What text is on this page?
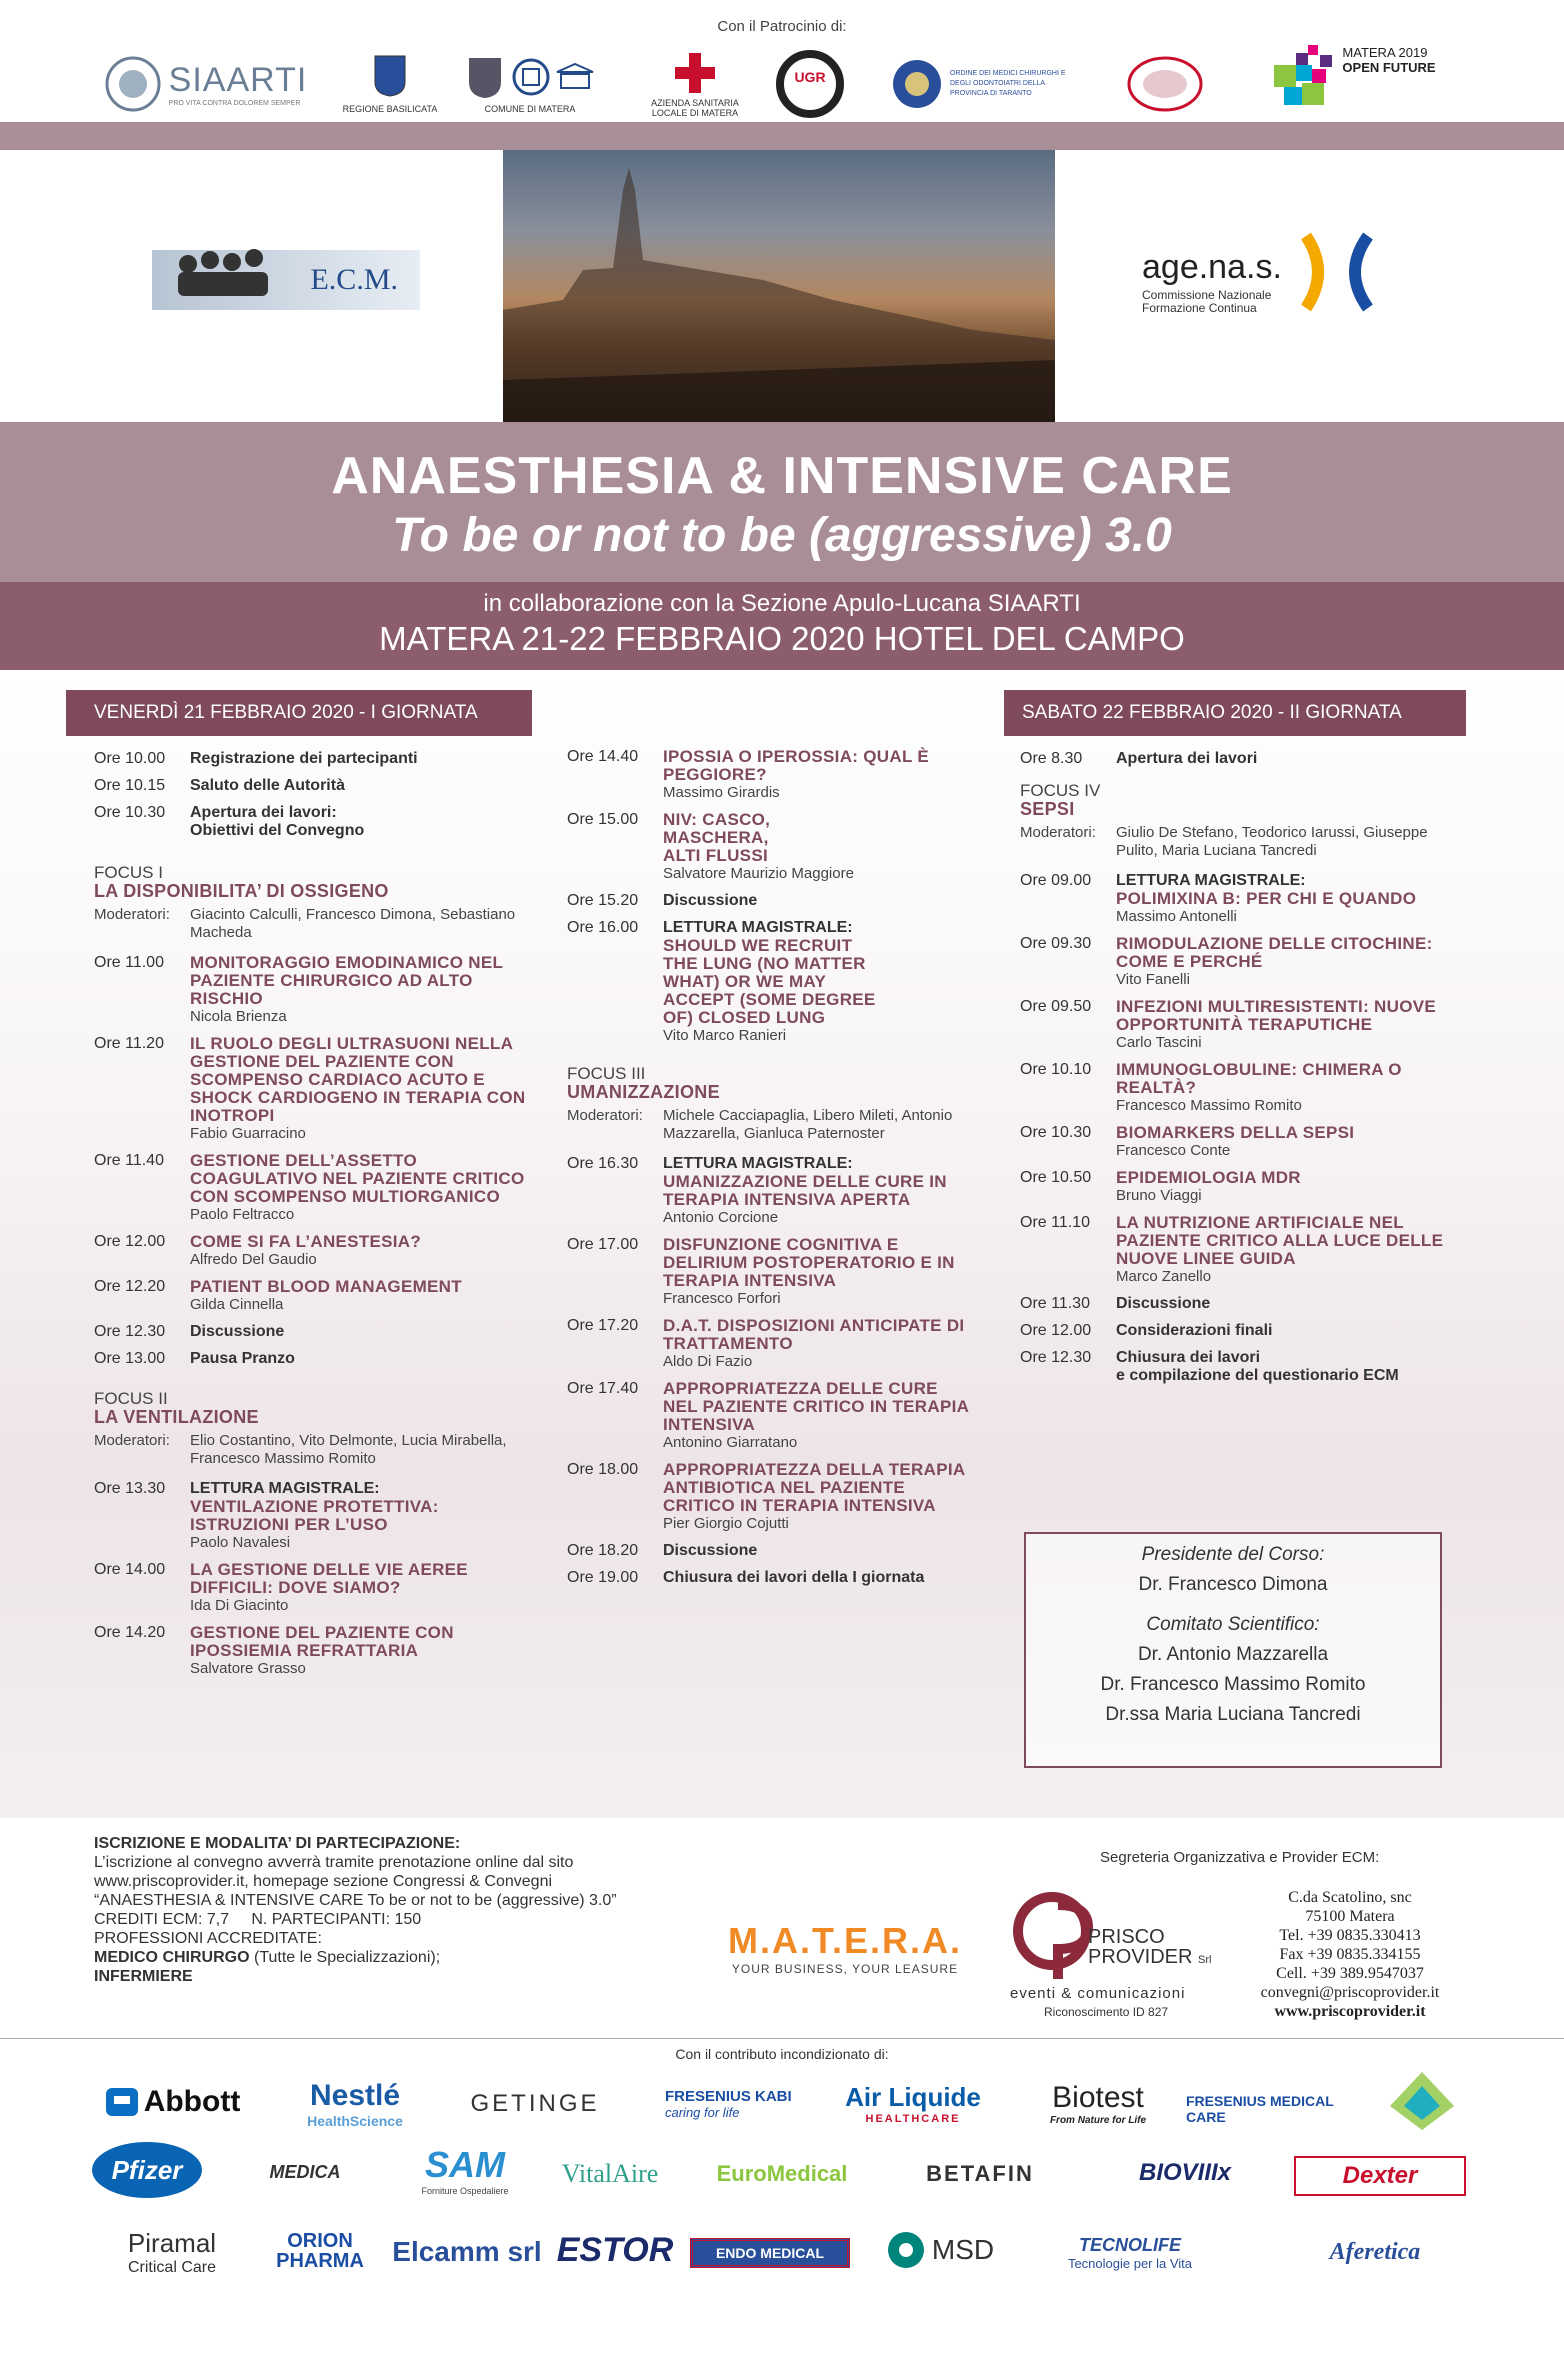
Con il Patrocinio di:
SIAARTI
PRO VITA CONTRA DOLOREM SEMPER
REGIONE BASILICATA	COMUNE DI MATERA
AZIENDA SANITARIA LOCALE DI MATERA
UGR	ORDINE DEI MEDICI CHIRURGHI E DEGLI ODONTOIATRI DELLA PROVINCIA DI TARANTO
MATERA 2019
OPEN FUTURE
E.C.M.	age.na.s.
Commissione Nazionale
Formazione Continua
ANAESTHESIA & INTENSIVE CARE
To be or not to be (aggressive) 3.0
in collaborazione con la Sezione Apulo-Lucana SIAARTI
MATERA 21-22 FEBBRAIO 2020 HOTEL DEL CAMPO
VENERDÌ 21 FEBBRAIO 2020 - I GIORNATA	SABATO 22 FEBBRAIO 2020 - II GIORNATA
Ore 10.00	Registrazione dei partecipanti
Ore 10.15	Saluto delle Autorità
Ore 10.30	Apertura dei lavori:
Obiettivi del Convegno
FOCUS I
LA DISPONIBILITA’ DI OSSIGENO
Moderatori: Giacinto Calculli, Francesco Dimona, Sebastiano Macheda
Ore 11.00	MONITORAGGIO EMODINAMICO NEL PAZIENTE CHIRURGICO AD ALTO RISCHIO
Nicola Brienza
Ore 11.20	IL RUOLO DEGLI ULTRASUONI NELLA GESTIONE DEL PAZIENTE CON SCOMPENSO CARDIACO ACUTO E SHOCK CARDIOGENO IN TERAPIA CON INOTROPI
Fabio Guarracino
Ore 11.40	GESTIONE DELL’ASSETTO COAGULATIVO NEL PAZIENTE CRITICO CON SCOMPENSO MULTIORGANICO
Paolo Feltracco
Ore 12.00	COME SI FA L’ANESTESIA?
Alfredo Del Gaudio
Ore 12.20	PATIENT BLOOD MANAGEMENT
Gilda Cinnella
Ore 12.30	Discussione
Ore 13.00	Pausa Pranzo
FOCUS II
LA VENTILAZIONE
Moderatori: Elio Costantino, Vito Delmonte, Lucia Mirabella, Francesco Massimo Romito
Ore 13.30	LETTURA MAGISTRALE:
VENTILAZIONE PROTETTIVA: ISTRUZIONI PER L’USO
Paolo Navalesi
Ore 14.00	LA GESTIONE DELLE VIE AEREE DIFFICILI: DOVE SIAMO?
Ida Di Giacinto
Ore 14.20	GESTIONE DEL PAZIENTE CON IPOSSIEMIA REFRATTARIA
Salvatore Grasso
Ore 14.40	IPOSSIA O IPEROSSIA: QUAL È PEGGIORE?
Massimo Girardis
Ore 15.00	NIV: CASCO, MASCHERA, ALTI FLUSSI
Salvatore Maurizio Maggiore
Ore 15.20	Discussione
Ore 16.00	LETTURA MAGISTRALE:
SHOULD WE RECRUIT THE LUNG (NO MATTER WHAT) OR WE MAY ACCEPT (SOME DEGREE OF) CLOSED LUNG
Vito Marco Ranieri
FOCUS III
UMANIZZAZIONE
Moderatori: Michele Cacciapaglia, Libero Mileti, Antonio Mazzarella, Gianluca Paternoster
Ore 16.30	LETTURA MAGISTRALE:
UMANIZZAZIONE DELLE CURE IN TERAPIA INTENSIVA APERTA
Antonio Corcione
Ore 17.00	DISFUNZIONE COGNITIVA E DELIRIUM POSTOPERATORIO E IN TERAPIA INTENSIVA
Francesco Forfori
Ore 17.20	D.A.T. DISPOSIZIONI ANTICIPATE DI TRATTAMENTO
Aldo Di Fazio
Ore 17.40	APPROPRIATEZZA DELLE CURE NEL PAZIENTE CRITICO IN TERAPIA INTENSIVA
Antonino Giarratano
Ore 18.00	APPROPRIATEZZA DELLA TERAPIA ANTIBIOTICA NEL PAZIENTE CRITICO IN TERAPIA INTENSIVA
Pier Giorgio Cojutti
Ore 18.20	Discussione
Ore 19.00	Chiusura dei lavori della I giornata
Ore 8.30	Apertura dei lavori
FOCUS IV
SEPSI
Moderatori: Giulio De Stefano, Teodorico Iarussi, Giuseppe Pulito, Maria Luciana Tancredi
Ore 09.00	LETTURA MAGISTRALE:
POLIMIXINA B: PER CHI E QUANDO
Massimo Antonelli
Ore 09.30	RIMODULAZIONE DELLE CITOCHINE: COME E PERCHÉ
Vito Fanelli
Ore 09.50	INFEZIONI MULTIRESISTENTI: NUOVE OPPORTUNITÀ TERAPUTICHE
Carlo Tascini
Ore 10.10	IMMUNOGLOBULINE: CHIMERA O REALTÀ?
Francesco Massimo Romito
Ore 10.30	BIOMARKERS DELLA SEPSI
Francesco Conte
Ore 10.50	EPIDEMIOLOGIA MDR
Bruno Viaggi
Ore 11.10	LA NUTRIZIONE ARTIFICIALE NEL PAZIENTE CRITICO ALLA LUCE DELLE NUOVE LINEE GUIDA
Marco Zanello
Ore 11.30	Discussione
Ore 12.00	Considerazioni finali
Ore 12.30	Chiusura dei lavori
e compilazione del questionario ECM
Presidente del Corso:

Dr. Francesco Dimona

Comitato Scientifico:

Dr. Antonio Mazzarella

Dr. Francesco Massimo Romito

Dr.ssa Maria Luciana Tancredi

ISCRIZIONE E MODALITA’ DI PARTECIPAZIONE:
L’iscrizione al convegno avverrà tramite prenotazione online dal sito
www.priscoprovider.it, homepage sezione Congressi & Convegni
“ANAESTHESIA & INTENSIVE CARE To be or not to be (aggressive) 3.0”
CREDITI ECM: 7,7     N. PARTECIPANTI: 150
PROFESSIONI ACCREDITATE:
MEDICO CHIRURGO (Tutte le Specializzazioni);
INFERMIERE
Segreteria Organizzativa e Provider ECM:
M.A.T.E.R.A.
YOUR BUSINESS, YOUR LEASURE
PRISCO
PROVIDER Srl
eventi & comunicazioni
Riconoscimento ID 827
C.da Scatolino, snc
75100 Matera
Tel. +39 0835.330413
Fax +39 0835.334155
Cell. +39 389.9547037
convegni@priscoprovider.it
www.priscoprovider.it
Con il contributo incondizionato di:
Abbott Nestlé
HealthScience
GETINGE	FRESENIUS KABI
caring for life
Air Liquide
HEALTHCARE
Biotest
From Nature for Life
FRESENIUS MEDICAL CARE
Pfizer	MEDICA	SAM
Forniture Ospedaliere
VitalAire	EuroMedical	BETAFIN	BIOVIIIx	Dexter
Piramal
Critical Care
ORION PHARMA	Elcamm srl ESTOR	ENDO MEDICAL	MSD	TECNOLIFE
Tecnologie per la Vita	Aferetica
